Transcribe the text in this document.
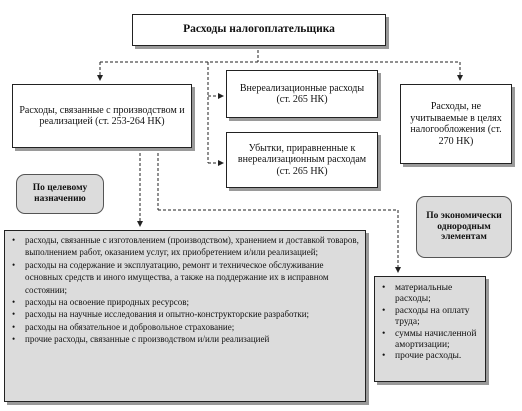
Расходы налогоплательщика
Расходы, связанные с производством и реализацией (ст. 253-264 НК)
Внереализационные расходы (ст. 265 НК)
Убытки, приравненные к внереализационным расходам (ст. 265 НК)
Расходы, не учитываемые в целях налогообложения (ст. 270 НК)
По целевому назначению
По экономически однородным элементам
• расходы, связанные с изготовлением (производством), хранением и доставкой товаров, выполнением работ, оказанием услуг, их приобретением и/или реализацией;
• расходы на содержание и эксплуатацию, ремонт и техническое обслуживание основных средств и иного имущества, а также на поддержание их в исправном состоянии;
• расходы на освоение природных ресурсов;
• расходы на научные исследования и опытно-конструкторские разработки;
• расходы на обязательное и добровольное страхование;
• прочие расходы, связанные с производством и/или реализацией
• материальные расходы;
• расходы на оплату труда;
• суммы начисленной амортизации;
• прочие расходы.
